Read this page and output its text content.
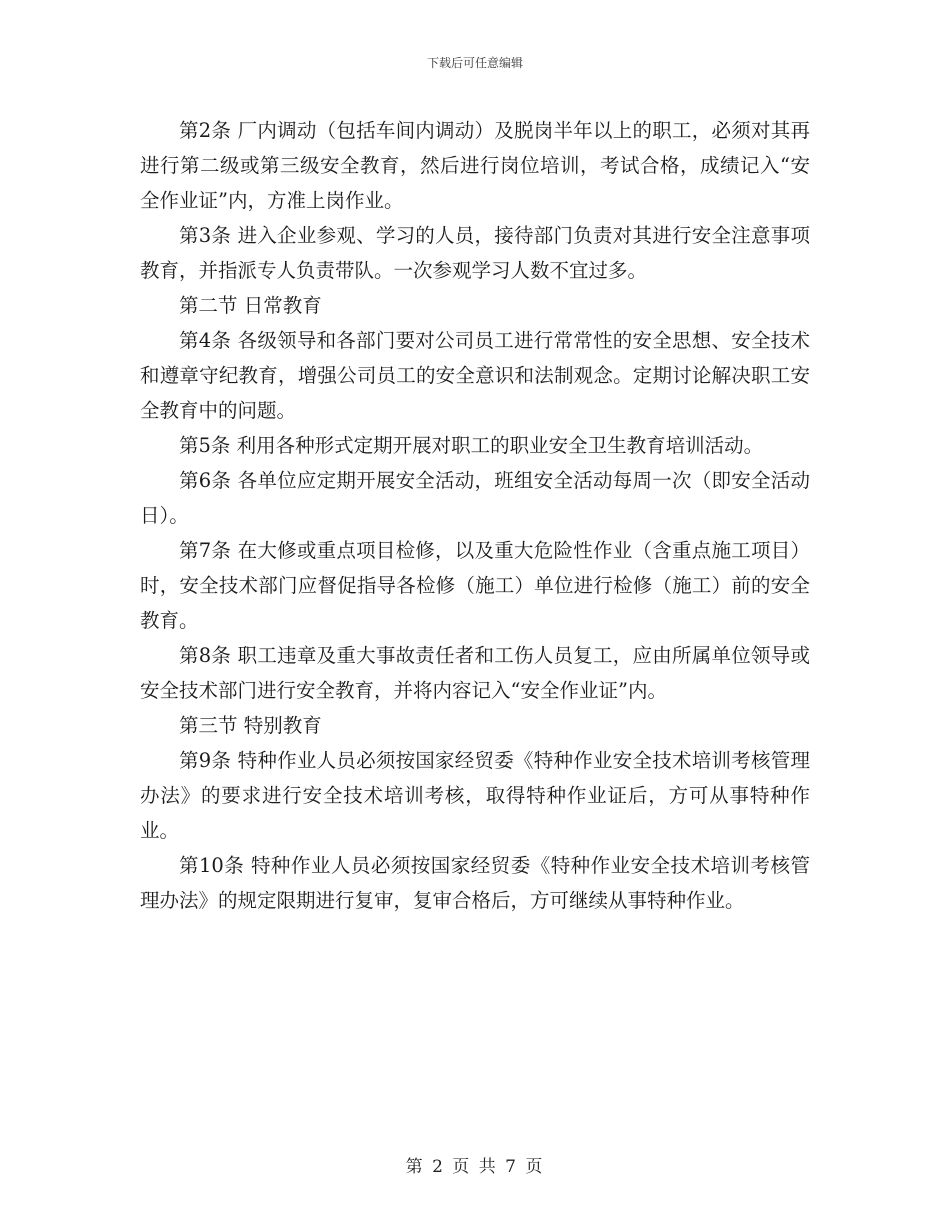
下载后可任意编辑

第2条 厂内调动（包括车间内调动）及脱岗半年以上的职工，必须对其再进行第二级或第三级安全教育，然后进行岗位培训，考试合格，成绩记入“安全作业证”内，方准上岗作业。

第3条 进入企业参观、学习的人员，接待部门负责对其进行安全注意事项教育，并指派专人负责带队。一次参观学习人数不宜过多。

第二节 日常教育

第4条 各级领导和各部门要对公司员工进行常常性的安全思想、安全技术和遵章守纪教育，增强公司员工的安全意识和法制观念。定期讨论解决职工安全教育中的问题。

第5条 利用各种形式定期开展对职工的职业安全卫生教育培训活动。

第6条 各单位应定期开展安全活动，班组安全活动每周一次（即安全活动日）。

第7条 在大修或重点项目检修，以及重大危险性作业（含重点施工项目）时，安全技术部门应督促指导各检修（施工）单位进行检修（施工）前的安全教育。

第8条 职工违章及重大事故责任者和工伤人员复工，应由所属单位领导或安全技术部门进行安全教育，并将内容记入“安全作业证”内。

第三节 特别教育

第9条 特种作业人员必须按国家经贸委《特种作业安全技术培训考核管理办法》的要求进行安全技术培训考核，取得特种作业证后，方可从事特种作业。

第10条 特种作业人员必须按国家经贸委《特种作业安全技术培训考核管理办法》的规定限期进行复审，复审合格后，方可继续从事特种作业。

第 2 页 共 7 页
